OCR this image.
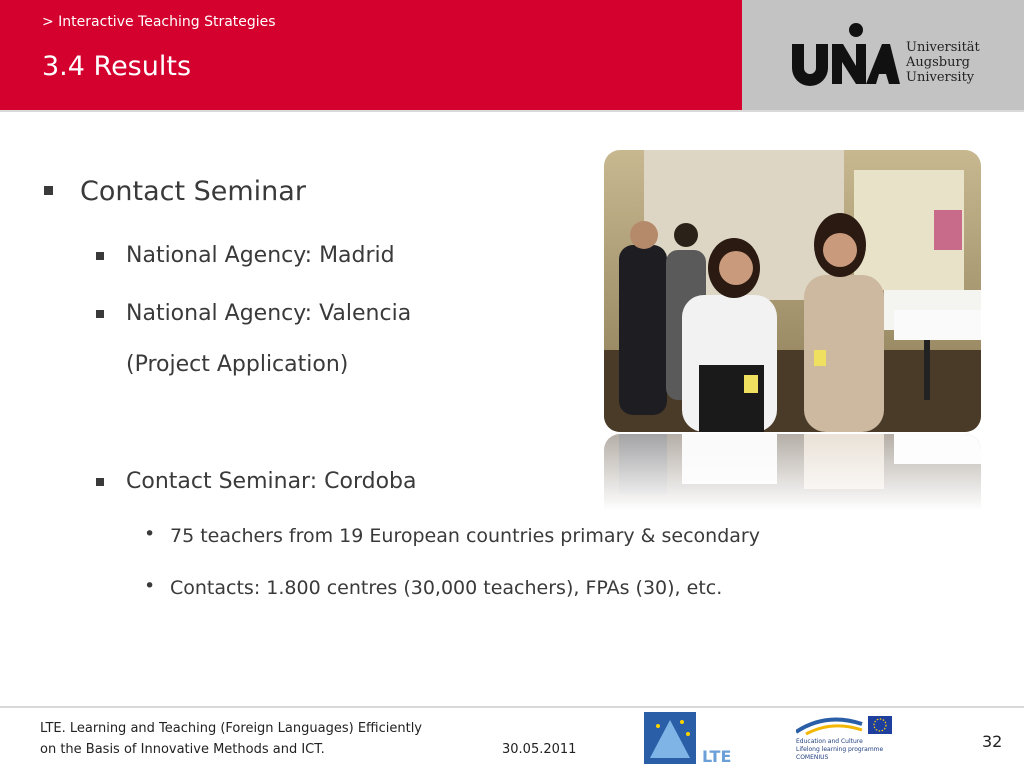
> Interactive Teaching Strategies
3.4 Results
Universität
Augsburg
University
Contact Seminar
National Agency: Madrid
National Agency: Valencia
(Project Application)
Contact Seminar: Cordoba
• 75 teachers from 19 European countries primary & secondary
• Contacts: 1.800 centres (30,000 teachers), FPAs (30), etc.
LTE. Learning and Teaching (Foreign Languages) Efficiently
on the Basis of Innovative Methods and ICT.	30.05.2011	LTE
Education and Culture
Lifelong learning programme
COMENIUS
32
